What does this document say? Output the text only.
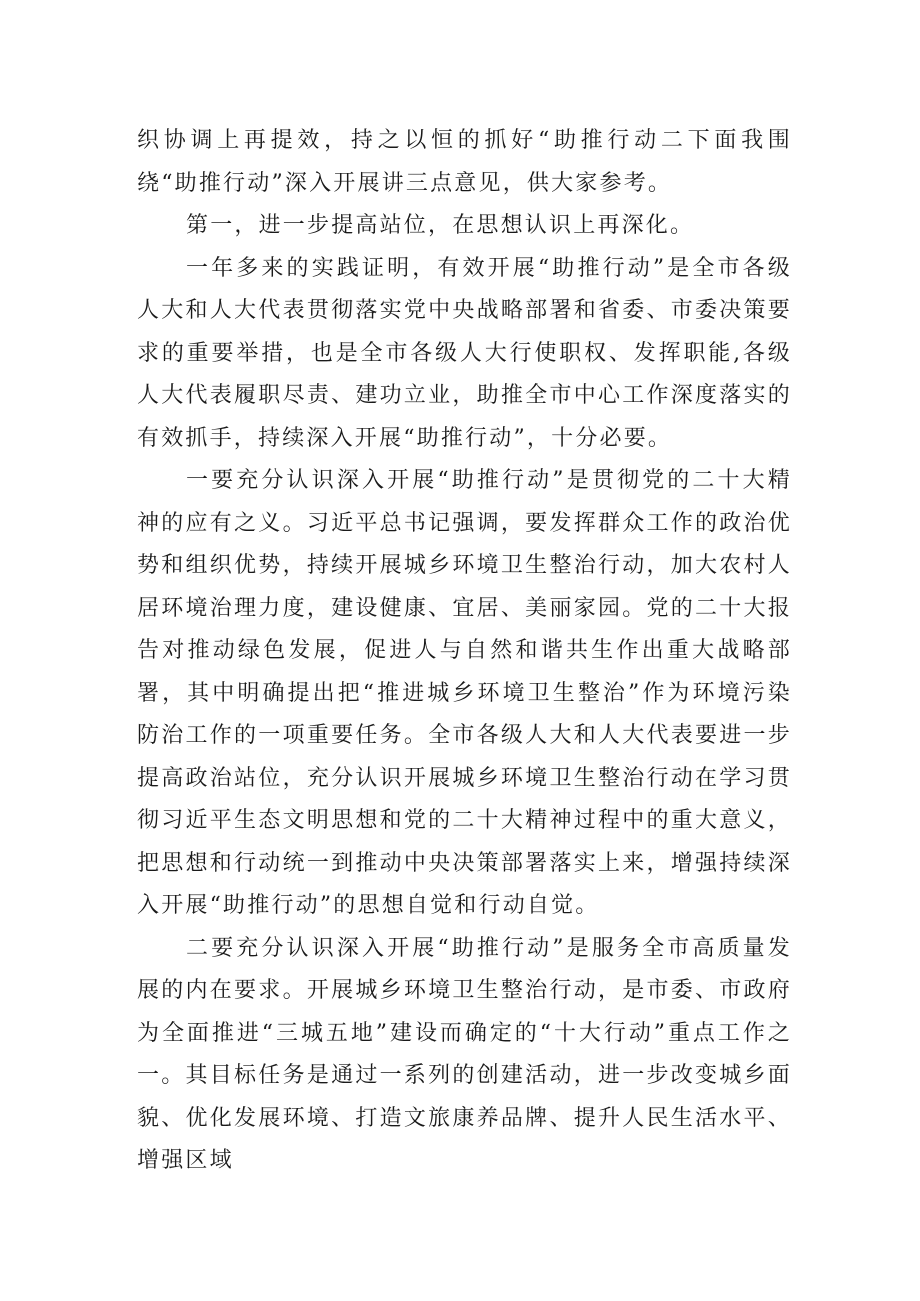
织协调上再提效，持之以恒的抓好“助推行动二下面我围绕“助推行动”深入开展讲三点意见，供大家参考。

第一，进一步提高站位，在思想认识上再深化。

一年多来的实践证明，有效开展“助推行动”是全市各级人大和人大代表贯彻落实党中央战略部署和省委、市委决策要求的重要举措，也是全市各级人大行使职权、发挥职能,各级人大代表履职尽责、建功立业，助推全市中心工作深度落实的有效抓手，持续深入开展“助推行动”，十分必要。

一要充分认识深入开展“助推行动”是贯彻党的二十大精神的应有之义。习近平总书记强调，要发挥群众工作的政治优势和组织优势，持续开展城乡环境卫生整治行动，加大农村人居环境治理力度，建设健康、宜居、美丽家园。党的二十大报告对推动绿色发展，促进人与自然和谐共生作出重大战略部署，其中明确提出把“推进城乡环境卫生整治”作为环境污染防治工作的一项重要任务。全市各级人大和人大代表要进一步提高政治站位，充分认识开展城乡环境卫生整治行动在学习贯彻习近平生态文明思想和党的二十大精神过程中的重大意义，把思想和行动统一到推动中央决策部署落实上来，增强持续深入开展“助推行动”的思想自觉和行动自觉。

二要充分认识深入开展“助推行动”是服务全市高质量发展的内在要求。开展城乡环境卫生整治行动，是市委、市政府为全面推进“三城五地”建设而确定的“十大行动”重点工作之一。其目标任务是通过一系列的创建活动，进一步改变城乡面貌、优化发展环境、打造文旅康养品牌、提升人民生活水平、增强区域
